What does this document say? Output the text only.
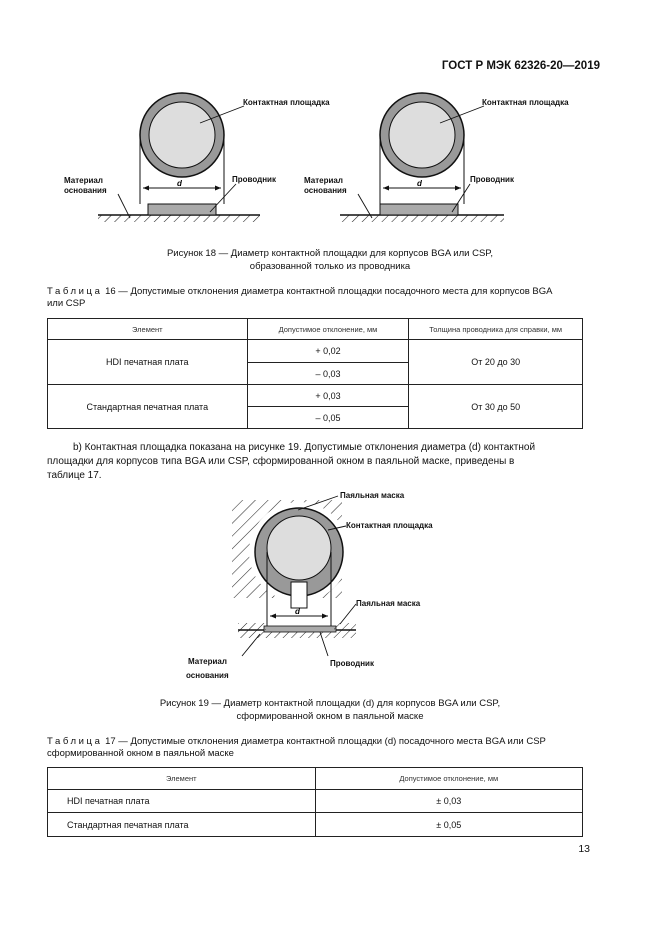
ГОСТ Р МЭК 62326-20—2019
Контактная площадка	Контактная площадка
Материал
основания
Материал
основания
Проводник	Проводник
d	d
Рисунок 18 — Диаметр контактной площадки для корпусов BGA или CSP,
образованной только из проводника
Таблица 16 — Допустимые отклонения диаметра контактной площадки посадочного места для корпусов BGA
или CSP
Элемент	Допустимое отклонение, мм	Толщина проводника для справки, мм
HDI печатная плата	+ 0,02	От 20 до 30
	– 0,03	
Стандартная печатная плата	+ 0,03	От 30 до 50
	– 0,05	
b) Контактная площадка показана на рисунке 19. Допустимые отклонения диаметра (d) контактной
площадки для корпусов типа BGA или CSP, сформированной окном в паяльной маске, приведены в
таблице 17.
Паяльная маска
Контактная площадка
Паяльная маска
Материал
основания
Проводник
d
Рисунок 19 — Диаметр контактной площадки (d) для корпусов BGA или CSP,
сформированной окном в паяльной маске
Таблица 17 — Допустимые отклонения диаметра контактной площадки (d) посадочного места BGA или CSP
сформированной окном в паяльной маске
Элемент	Допустимое отклонение, мм
HDI печатная плата	± 0,03
Стандартная печатная плата	± 0,05
13
